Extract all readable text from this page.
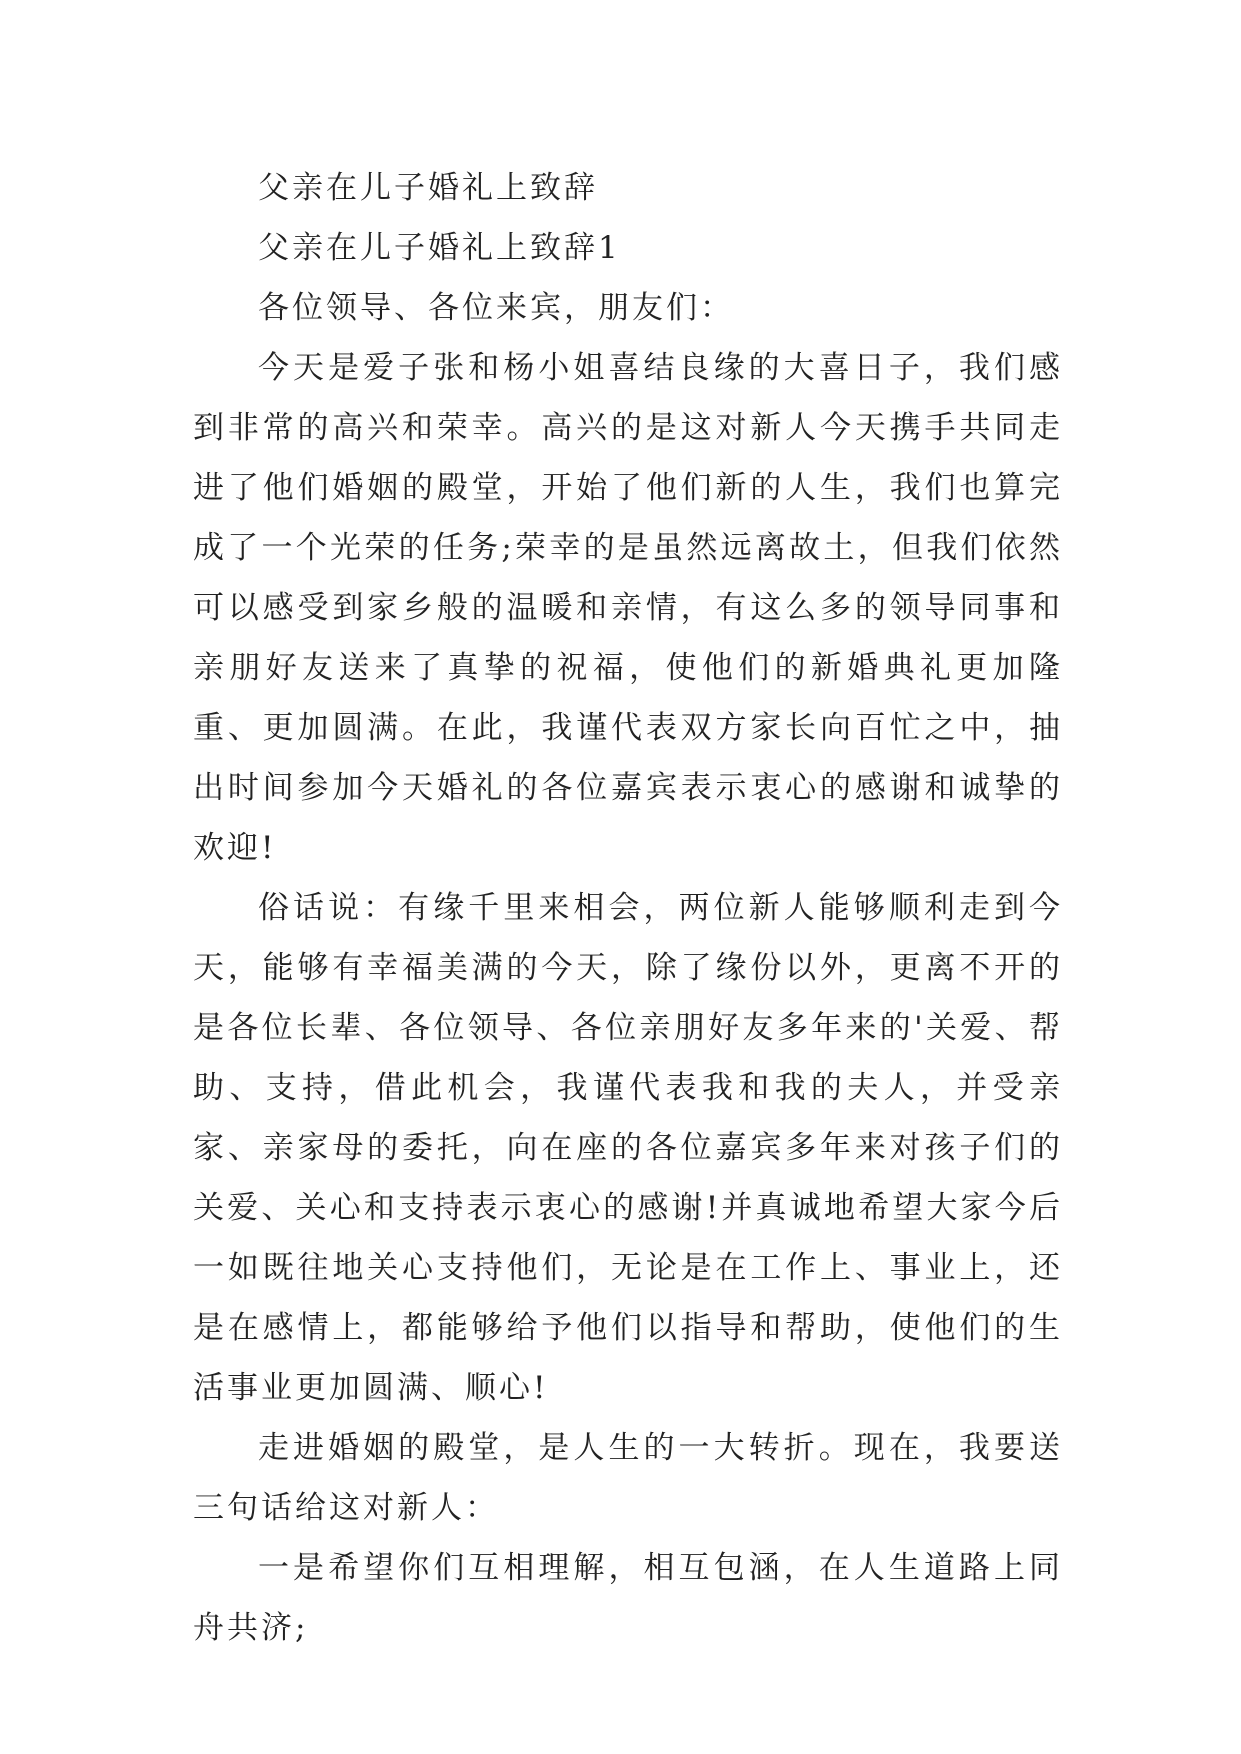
父亲在儿子婚礼上致辞

父亲在儿子婚礼上致辞1

各位领导、各位来宾，朋友们：

今天是爱子张和杨小姐喜结良缘的大喜日子，我们感到非常的高兴和荣幸。高兴的是这对新人今天携手共同走进了他们婚姻的殿堂，开始了他们新的人生，我们也算完成了一个光荣的任务;荣幸的是虽然远离故土，但我们依然可以感受到家乡般的温暖和亲情，有这么多的领导同事和亲朋好友送来了真挚的祝福，使他们的新婚典礼更加隆重、更加圆满。在此，我谨代表双方家长向百忙之中，抽出时间参加今天婚礼的各位嘉宾表示衷心的感谢和诚挚的欢迎!

俗话说：有缘千里来相会，两位新人能够顺利走到今天，能够有幸福美满的今天，除了缘份以外，更离不开的是各位长辈、各位领导、各位亲朋好友多年来的'关爱、帮助、支持，借此机会，我谨代表我和我的夫人，并受亲家、亲家母的委托，向在座的各位嘉宾多年来对孩子们的关爱、关心和支持表示衷心的感谢!并真诚地希望大家今后一如既往地关心支持他们，无论是在工作上、事业上，还是在感情上，都能够给予他们以指导和帮助，使他们的生活事业更加圆满、顺心!

走进婚姻的殿堂，是人生的一大转折。现在，我要送三句话给这对新人：

一是希望你们互相理解，相互包涵，在人生道路上同舟共济;
